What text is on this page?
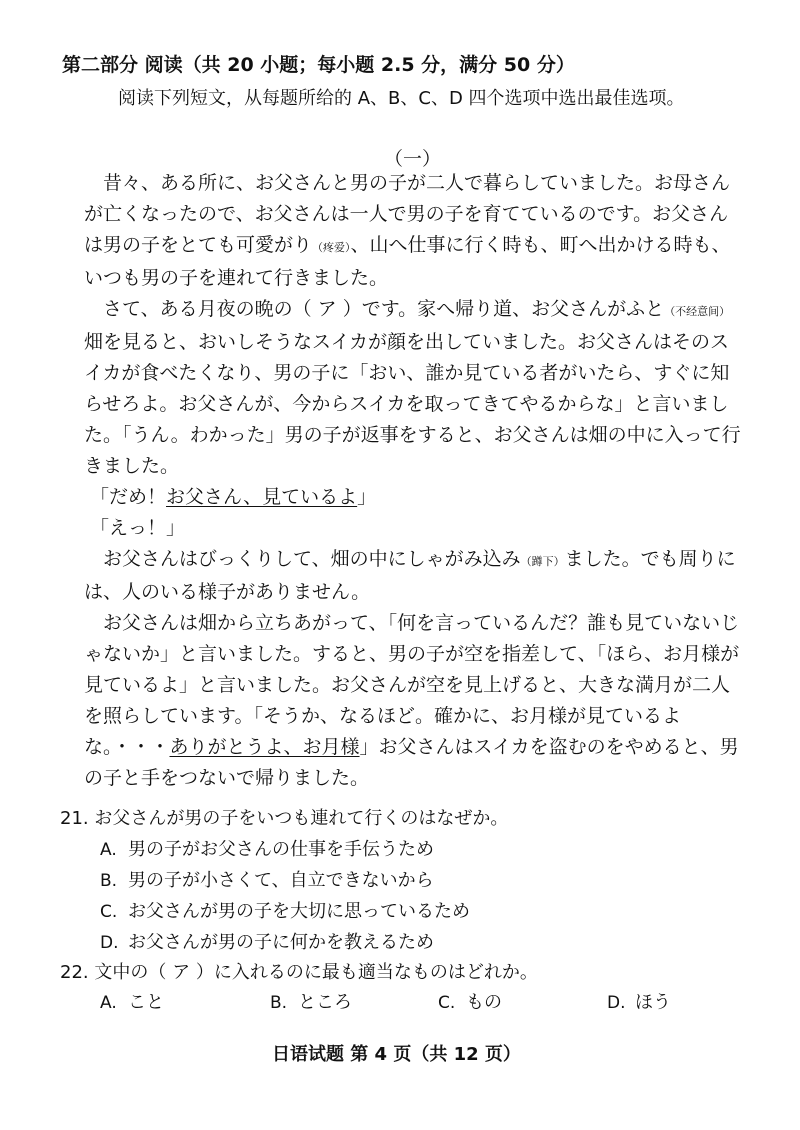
第二部分 阅读（共 20 小题；每小题 2.5 分，满分 50 分）
阅读下列短文，从每题所给的 A、B、C、D 四个选项中选出最佳选项。
（一）

昔々、ある所に、お父さんと男の子が二人で暮らしていました。お母さんが亡くなったので、お父さんは一人で男の子を育てているのです。お父さんは男の子をとても可愛がり（疼爱）、山へ仕事に行く時も、町へ出かける時も、いつも男の子を連れて行きました。

さて、ある月夜の晩の（ ア ）です。家へ帰り道、お父さんがふと（不经意间）畑を見ると、おいしそうなスイカが顔を出していました。お父さんはそのスイカが食べたくなり、男の子に「おい、誰か見ている者がいたら、すぐに知らせろよ。お父さんが、今からスイカを取ってきてやるからな」と言いました。「うん。わかった」男の子が返事をすると、お父さんは畑の中に入って行きました。

「だめ！お父さん、見ているよ」

「えっ！」

お父さんはびっくりして、畑の中にしゃがみ込み（蹲下）ました。でも周りには、人のいる様子がありません。

お父さんは畑から立ちあがって、「何を言っているんだ？誰も見ていないじゃないか」と言いました。すると、男の子が空を指差して、「ほら、お月様が見ているよ」と言いました。お父さんが空を見上げると、大きな満月が二人を照らしています。「そうか、なるほど。確かに、お月様が見ているよな。・・・ありがとうよ、お月様」お父さんはスイカを盗むのをやめると、男の子と手をつないで帰りました。

21. お父さんが男の子をいつも連れて行くのはなぜか。
A. 男の子がお父さんの仕事を手伝うため
B. 男の子が小さくて、自立できないから
C. お父さんが男の子を大切に思っているため
D. お父さんが男の子に何かを教えるため
22. 文中の（ ア ）に入れるのに最も適当なものはどれか。
A. こと	B. ところ	C. もの	D. ほう
日语试题 第 4 页（共 12 页）
